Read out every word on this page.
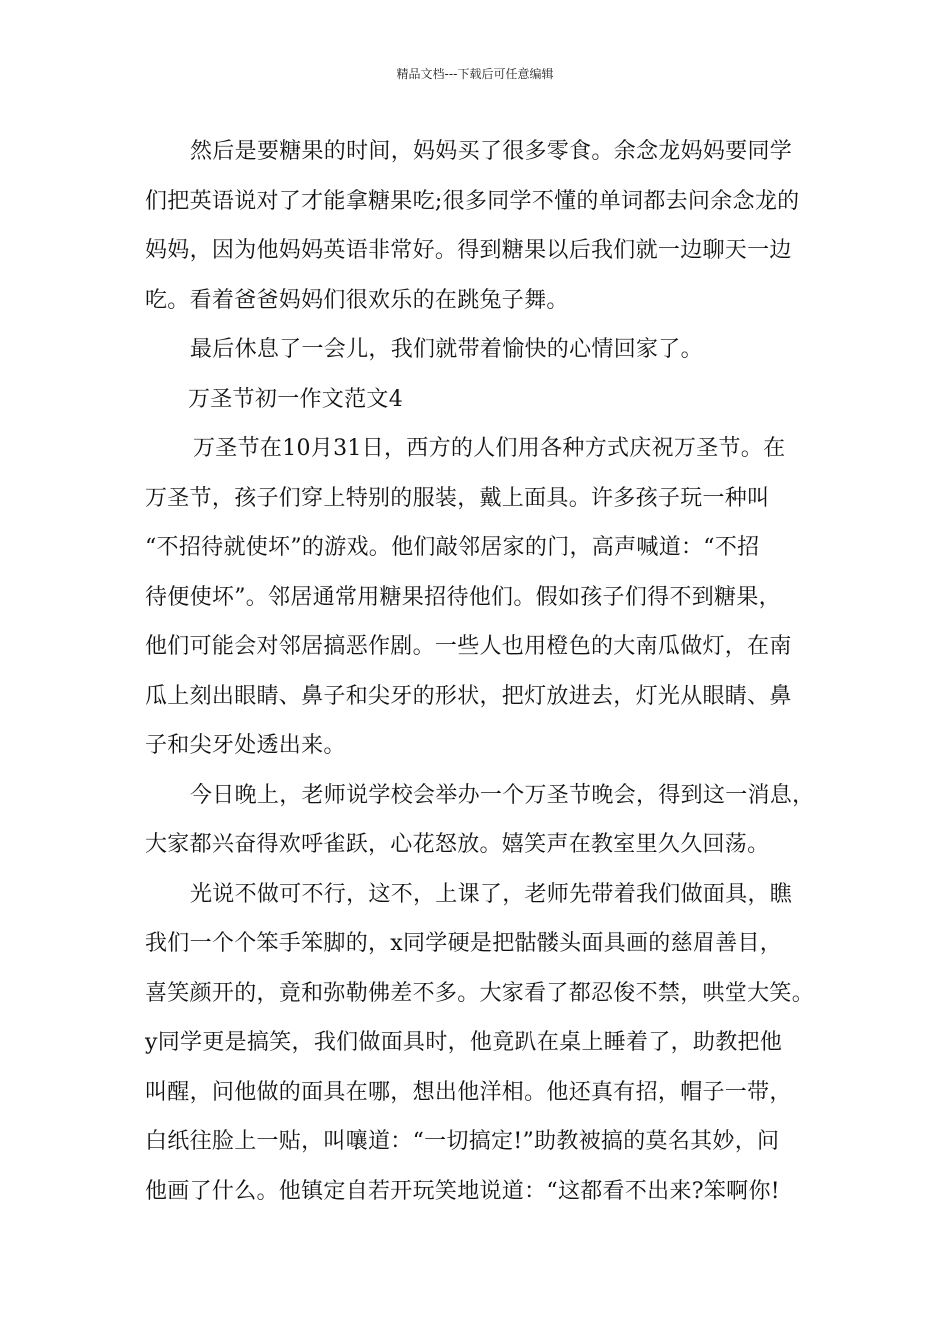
精品文档---下载后可任意编辑
然后是要糖果的时间，妈妈买了很多零食。余念龙妈妈要同学
们把英语说对了才能拿糖果吃;很多同学不懂的单词都去问余念龙的
妈妈，因为他妈妈英语非常好。得到糖果以后我们就一边聊天一边
吃。看着爸爸妈妈们很欢乐的在跳兔子舞。
最后休息了一会儿，我们就带着愉快的心情回家了。
万圣节初一作文范文4
万圣节在10月31日，西方的人们用各种方式庆祝万圣节。在
万圣节，孩子们穿上特别的服装，戴上面具。许多孩子玩一种叫
“不招待就使坏”的游戏。他们敲邻居家的门，高声喊道：“不招
待便使坏”。邻居通常用糖果招待他们。假如孩子们得不到糖果，
他们可能会对邻居搞恶作剧。一些人也用橙色的大南瓜做灯，在南
瓜上刻出眼睛、鼻子和尖牙的形状，把灯放进去，灯光从眼睛、鼻
子和尖牙处透出来。
今日晚上，老师说学校会举办一个万圣节晚会，得到这一消息，
大家都兴奋得欢呼雀跃，心花怒放。嬉笑声在教室里久久回荡。
光说不做可不行，这不，上课了，老师先带着我们做面具，瞧
我们一个个笨手笨脚的，x同学硬是把骷髅头面具画的慈眉善目，
喜笑颜开的，竟和弥勒佛差不多。大家看了都忍俊不禁，哄堂大笑。
y同学更是搞笑，我们做面具时，他竟趴在桌上睡着了，助教把他
叫醒，问他做的面具在哪，想出他洋相。他还真有招，帽子一带，
白纸往脸上一贴，叫嚷道：“一切搞定!”助教被搞的莫名其妙，问
他画了什么。他镇定自若开玩笑地说道：“这都看不出来?笨啊你!
